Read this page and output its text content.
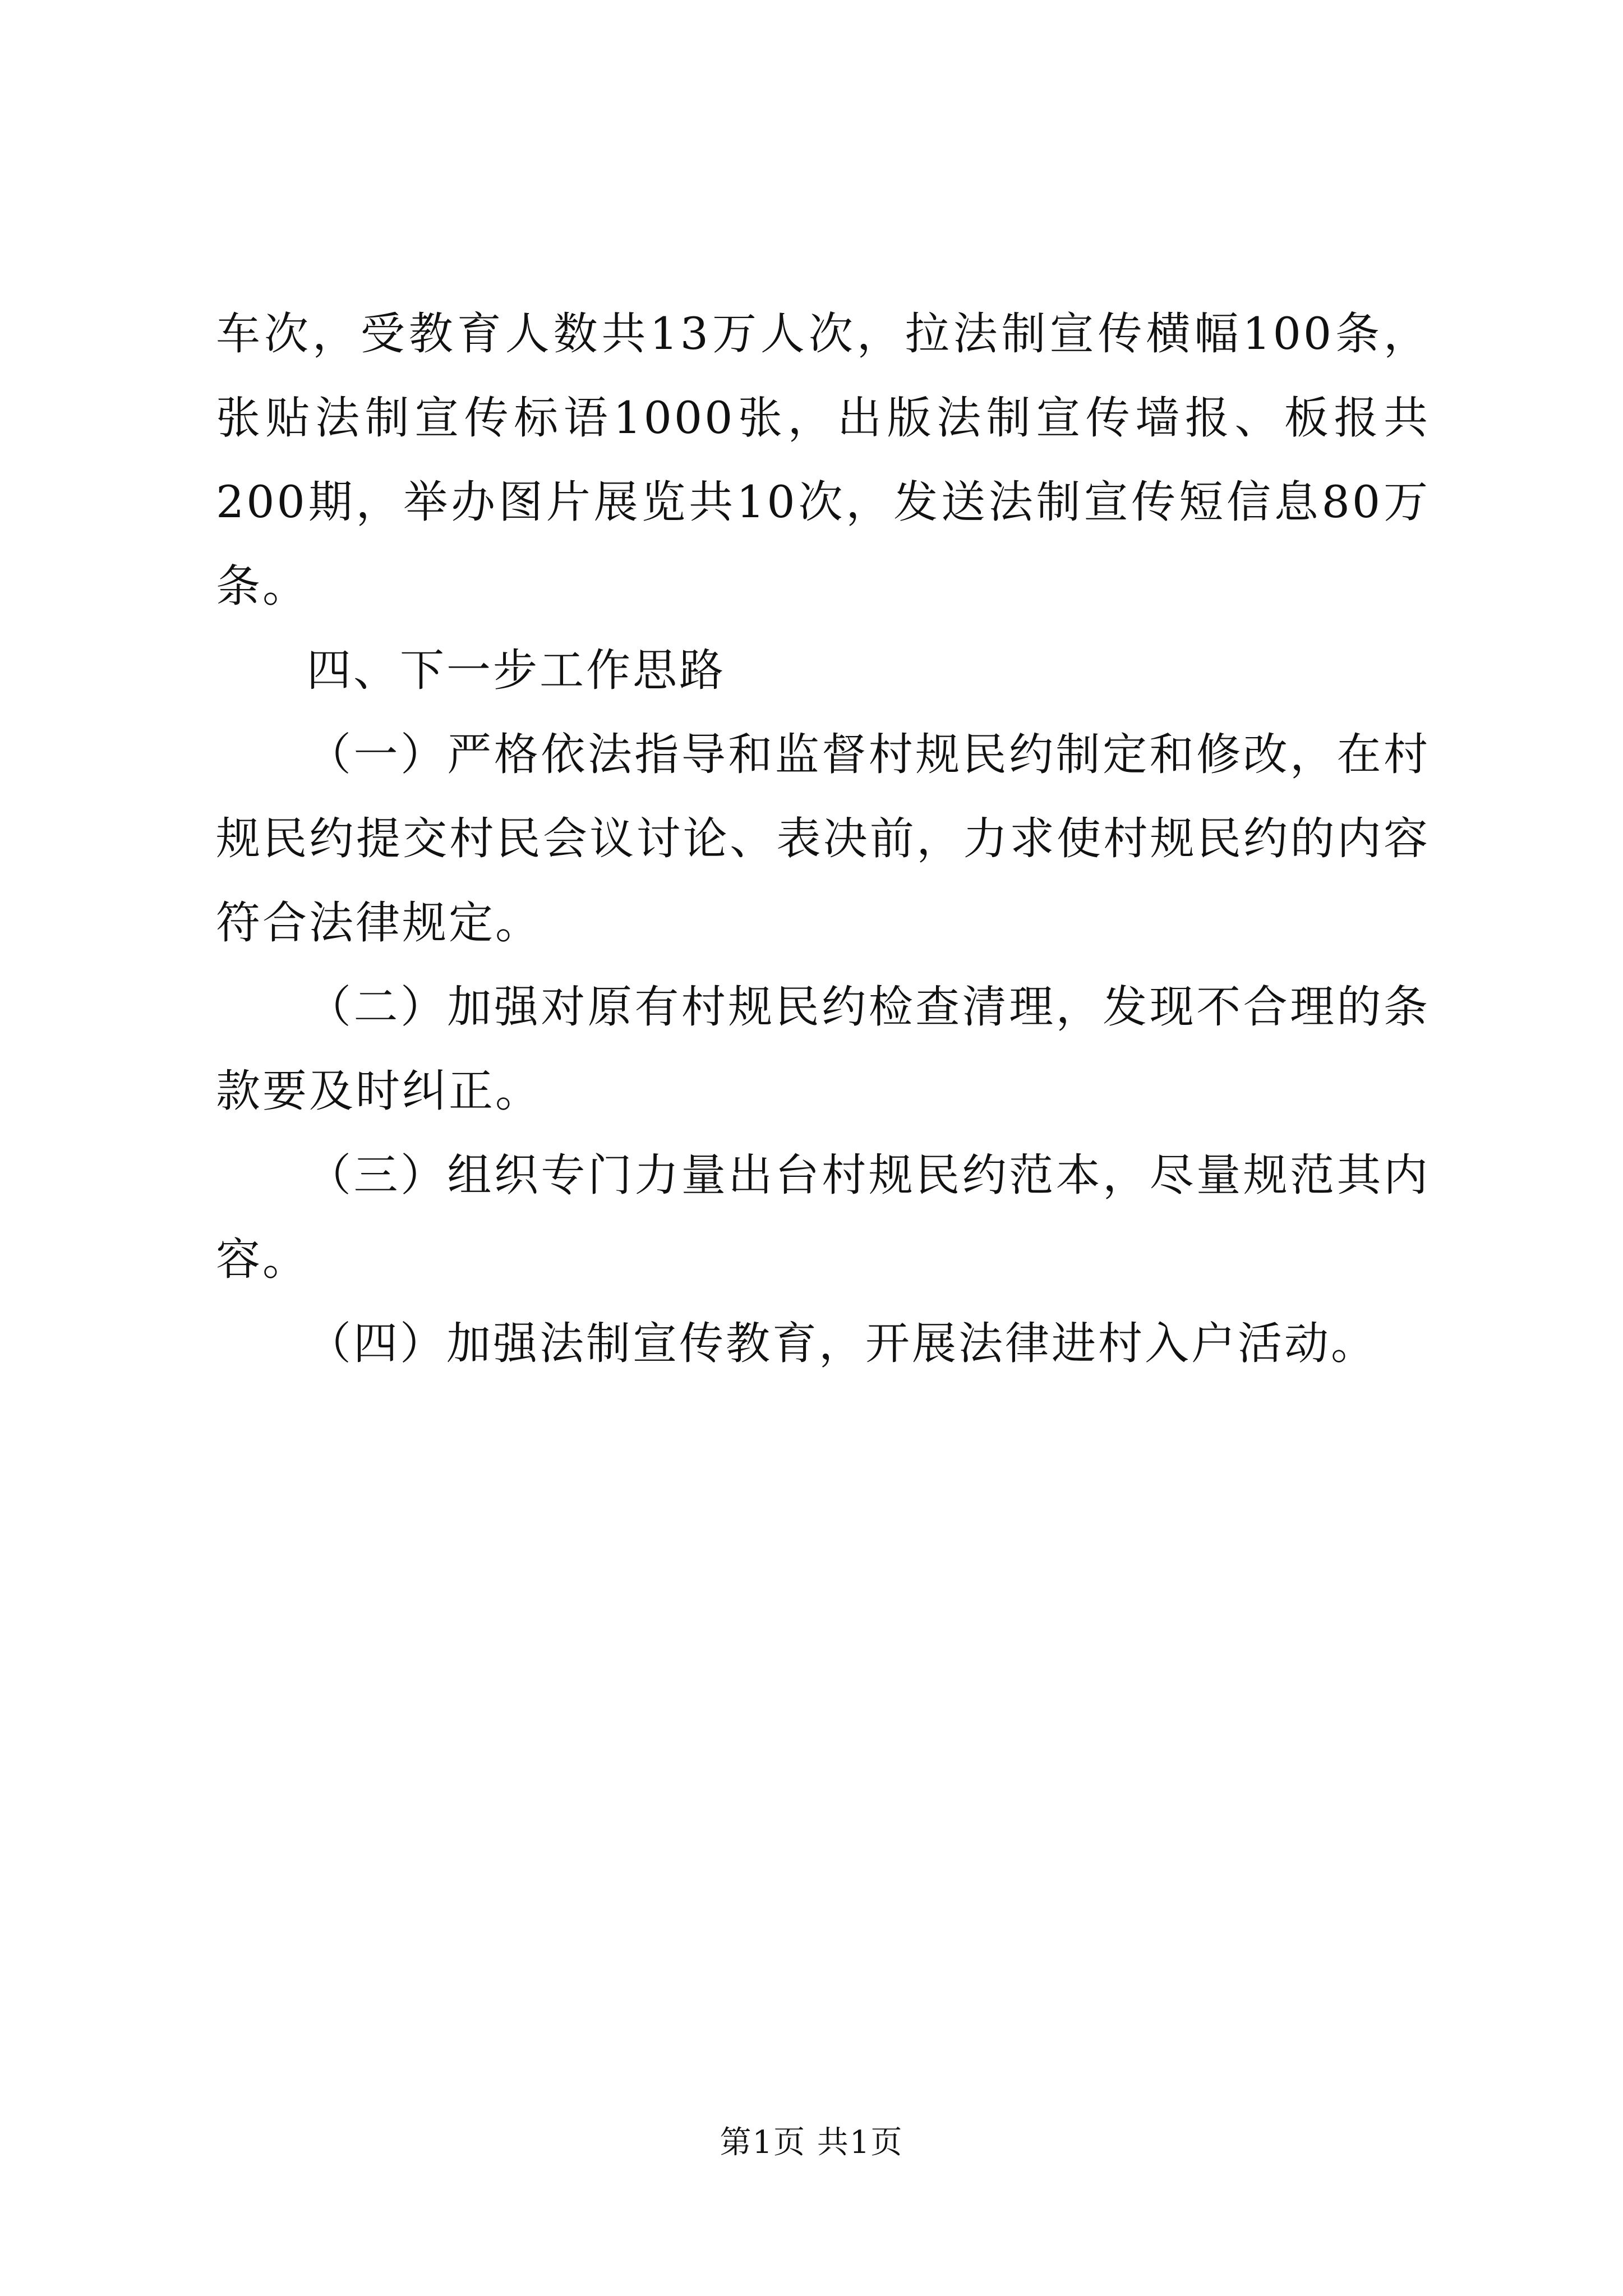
车次，受教育人数共13万人次，拉法制宣传横幅100条，张贴法制宣传标语1000张，出版法制宣传墙报、板报共200期，举办图片展览共10次，发送法制宣传短信息80万条。

四、下一步工作思路

（一）严格依法指导和监督村规民约制定和修改，在村规民约提交村民会议讨论、表决前，力求使村规民约的内容符合法律规定。

（二）加强对原有村规民约检查清理，发现不合理的条款要及时纠正。

（三）组织专门力量出台村规民约范本，尽量规范其内容。

（四）加强法制宣传教育，开展法律进村入户活动。

第1页 共1页
